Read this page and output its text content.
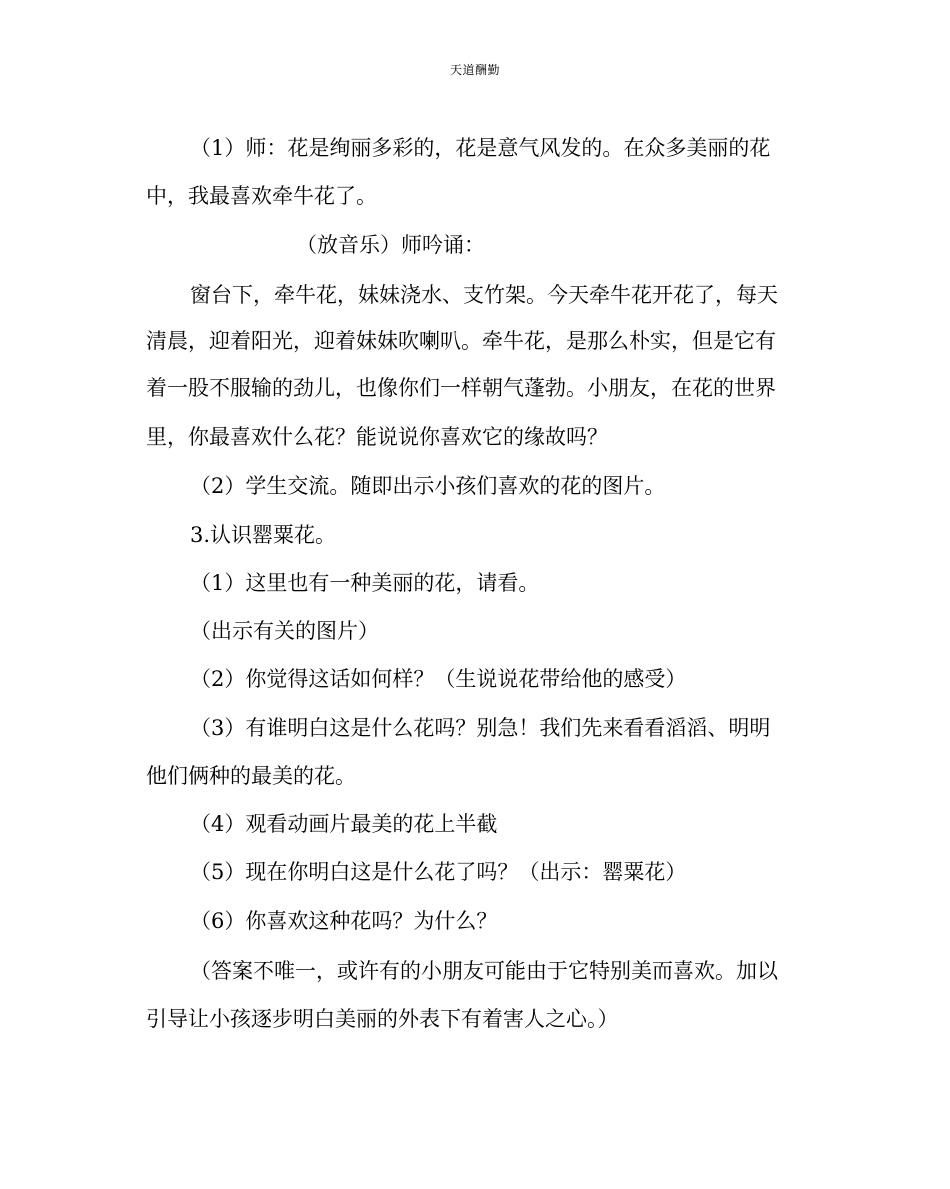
天道酬勤
（1）师：花是绚丽多彩的，花是意气风发的。在众多美丽的花
中，我最喜欢牵牛花了。
（放音乐）师吟诵：
窗台下，牵牛花，妹妹浇水、支竹架。今天牵牛花开花了，每天
清晨，迎着阳光，迎着妹妹吹喇叭。牵牛花，是那么朴实，但是它有
着一股不服输的劲儿，也像你们一样朝气蓬勃。小朋友，在花的世界
里，你最喜欢什么花？能说说你喜欢它的缘故吗？
（2）学生交流。随即出示小孩们喜欢的花的图片。
3.认识罂粟花。
（1）这里也有一种美丽的花，请看。
（出示有关的图片）
（2）你觉得这话如何样？（生说说花带给他的感受）
（3）有谁明白这是什么花吗？别急！我们先来看看滔滔、明明
他们俩种的最美的花。
（4）观看动画片最美的花上半截
（5）现在你明白这是什么花了吗？（出示：罂粟花）
（6）你喜欢这种花吗？为什么？
（答案不唯一，或许有的小朋友可能由于它特别美而喜欢。加以
引导让小孩逐步明白美丽的外表下有着害人之心。）
